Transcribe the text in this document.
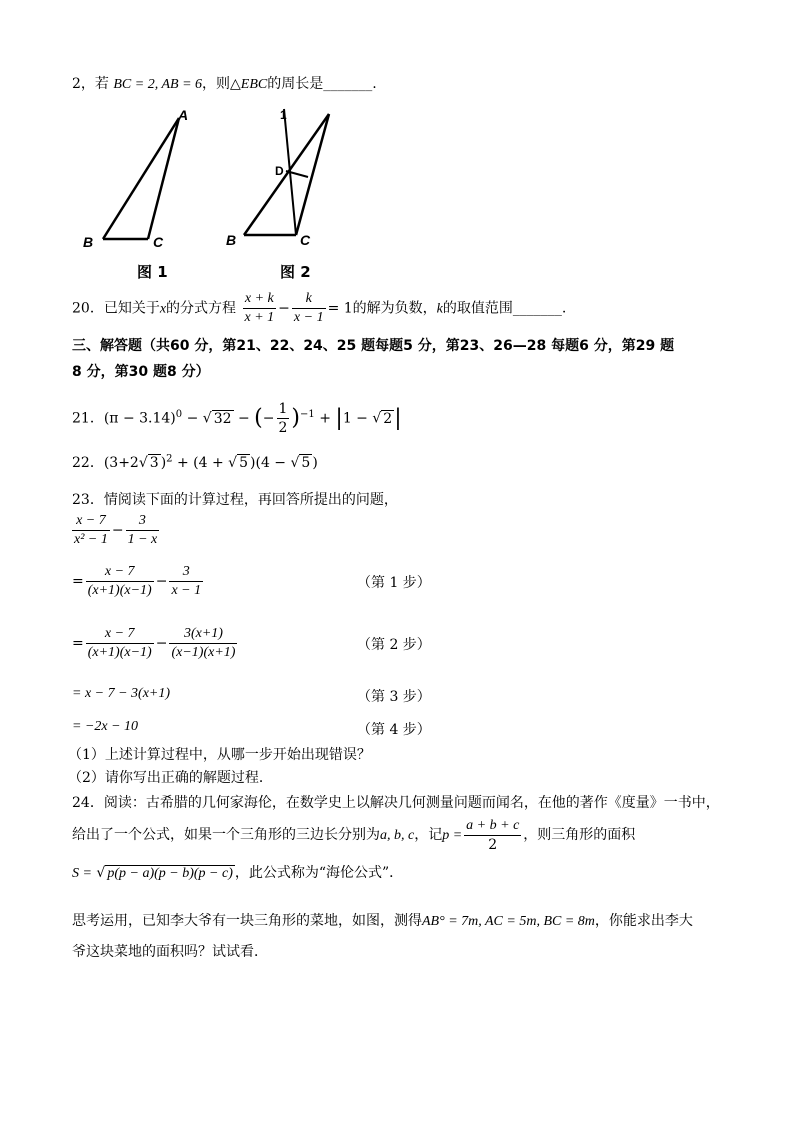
2，若 BC = 2, AB = 6，则△EBC的周长是_______.
A
B	C
图 1
1
D
B	C
图 2
20．已知关于x的分式方程 $\frac{x + k}{x + 1} - \frac{k}{x - 1} = 1$的解为负数，k的取值范围_______.
三、解答题（共60 分，第21、22、24、25 题每题5 分，第23、26—28 每题6 分，第29 题
8 分，第30 题8 分）
21．$(\pi - 3.14)^0$ − √ 32 − (− $\frac{1}{2} )^{-1} + |1$ − √ 2|
22．(3+2√ 3 )$^2$ + (4 + √ 5 )(4 − √ 5 )
23．情阅读下面的计算过程，再回答所提出的问题，
$\frac{x - 7}{\text{x² − 1}} - \frac{3}{1 - x}$
= $\frac{x - 7}{(x+1)(x-1)} - \frac{3}{x - 1}$	（第 1 步）
= $\frac{x - 7}{(x+1)(x-1)} - \frac{3(x+1)}{(x-1)(x+1)}$	（第 2 步）
= x − 7 − 3(x+1)	（第 3 步）
= −2x − 10	（第 4 步）
（1）上述计算过程中，从哪一步开始出现错误？
（2）请你写出正确的解题过程．
24．阅读：古希腊的几何家海伦，在数学史上以解决几何测量问题而闻名，在他的著作《度量》一书中，
给出了一个公式，如果一个三角形的三边长分别为a, b, c，记$p = \frac{a + b + c}{2}$ ，则三角形的面积
S = √ p(p − a)(p − b)(p − c) ，此公式称为“海伦公式”．
思考运用，已知李大爷有一块三角形的菜地，如图，测得AB° = 7m, AC = 5m, BC = 8m，你能求出李大
爷这块菜地的面积吗？试试看．
